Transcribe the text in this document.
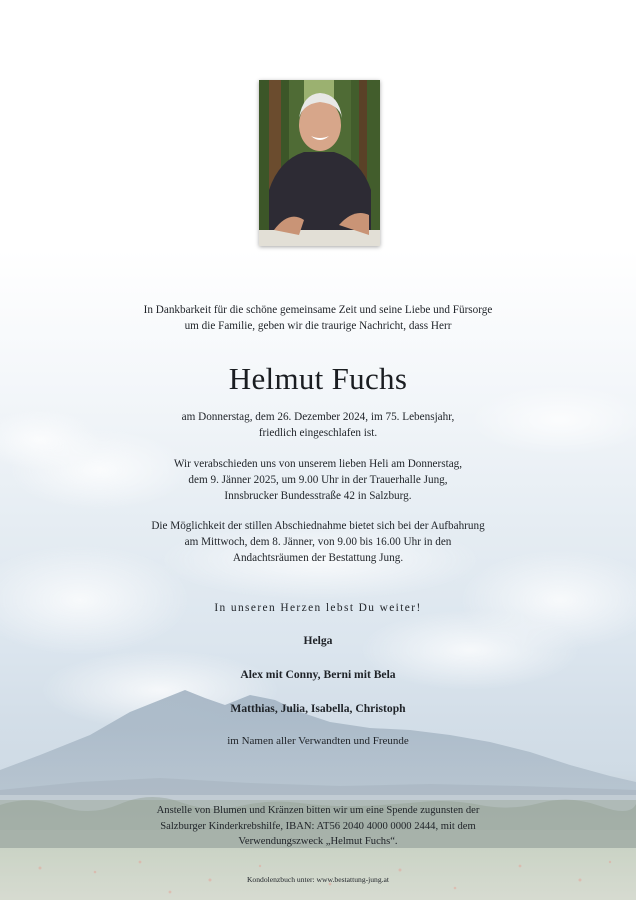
In Dankbarkeit für die schöne gemeinsame Zeit und seine Liebe und Fürsorge
um die Familie, geben wir die traurige Nachricht, dass Herr
Helmut Fuchs
am Donnerstag, dem 26. Dezember 2024, im 75. Lebensjahr,
friedlich eingeschlafen ist.
Wir verabschieden uns von unserem lieben Heli am Donnerstag,
dem 9. Jänner 2025, um 9.00 Uhr in der Trauerhalle Jung,
Innsbrucker Bundesstraße 42 in Salzburg.
Die Möglichkeit der stillen Abschiednahme bietet sich bei der Aufbahrung
am Mittwoch, dem 8. Jänner, von 9.00 bis 16.00 Uhr in den
Andachtsräumen der Bestattung Jung.
In unseren Herzen lebst Du weiter!
Helga
Alex mit Conny, Berni mit Bela
Matthias, Julia, Isabella, Christoph
im Namen aller Verwandten und Freunde
Anstelle von Blumen und Kränzen bitten wir um eine Spende zugunsten der
Salzburger Kinderkrebshilfe, IBAN: AT56 2040 4000 0000 2444, mit dem
Verwendungszweck „Helmut Fuchs“.
Kondolenzbuch unter: www.bestattung-jung.at
